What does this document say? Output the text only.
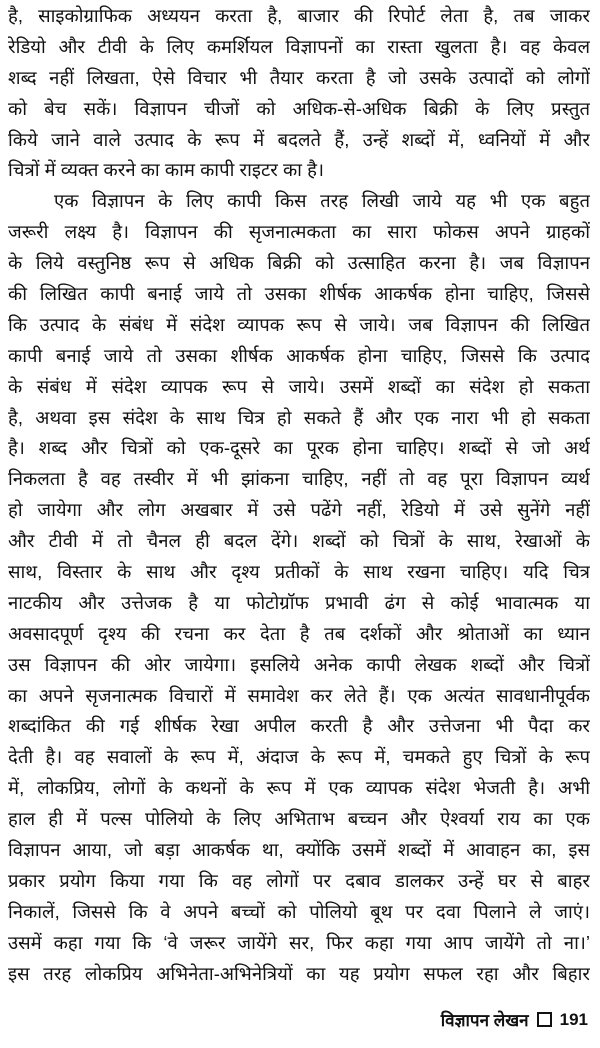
है, साइकोग्राफिक अध्ययन करता है, बाजार की रिपोर्ट लेता है, तब जाकर
रेडियो और टीवी के लिए कमर्शियल विज्ञापनों का रास्ता खुलता है। वह केवल
शब्द नहीं लिखता, ऐसे विचार भी तैयार करता है जो उसके उत्पादों को लोगों
को बेच सकें। विज्ञापन चीजों को अधिक-से-अधिक बिक्री के लिए प्रस्तुत
किये जाने वाले उत्पाद के रूप में बदलते हैं, उन्हें शब्दों में, ध्वनियों में और
चित्रों में व्यक्त करने का काम कापी राइटर का है।
एक विज्ञापन के लिए कापी किस तरह लिखी जाये यह भी एक बहुत
जरूरी लक्ष्य है। विज्ञापन की सृजनात्मकता का सारा फोकस अपने ग्राहकों
के लिये वस्तुनिष्ठ रूप से अधिक बिक्री को उत्साहित करना है। जब विज्ञापन
की लिखित कापी बनाई जाये तो उसका शीर्षक आकर्षक होना चाहिए, जिससे
कि उत्पाद के संबंध में संदेश व्यापक रूप से जाये। जब विज्ञापन की लिखित
कापी बनाई जाये तो उसका शीर्षक आकर्षक होना चाहिए, जिससे कि उत्पाद
के संबंध में संदेश व्यापक रूप से जाये। उसमें शब्दों का संदेश हो सकता
है, अथवा इस संदेश के साथ चित्र हो सकते हैं और एक नारा भी हो सकता
है। शब्द और चित्रों को एक-दूसरे का पूरक होना चाहिए। शब्दों से जो अर्थ
निकलता है वह तस्वीर में भी झांकना चाहिए, नहीं तो वह पूरा विज्ञापन व्यर्थ
हो जायेगा और लोग अखबार में उसे पढेंगे नहीं, रेडियो में उसे सुनेंगे नहीं
और टीवी में तो चैनल ही बदल देंगे। शब्दों को चित्रों के साथ, रेखाओं के
साथ, विस्तार के साथ और दृश्य प्रतीकों के साथ रखना चाहिए। यदि चित्र
नाटकीय और उत्तेजक है या फोटोग्रॉफ प्रभावी ढंग से कोई भावात्मक या
अवसादपूर्ण दृश्य की रचना कर देता है तब दर्शकों और श्रोताओं का ध्यान
उस विज्ञापन की ओर जायेगा। इसलिये अनेक कापी लेखक शब्दों और चित्रों
का अपने सृजनात्मक विचारों में समावेश कर लेते हैं। एक अत्यंत सावधानीपूर्वक
शब्दांकित की गई शीर्षक रेखा अपील करती है और उत्तेजना भी पैदा कर
देती है। वह सवालों के रूप में, अंदाज के रूप में, चमकते हुए चित्रों के रूप
में, लोकप्रिय, लोगों के कथनों के रूप में एक व्यापक संदेश भेजती है। अभी
हाल ही में पल्स पोलियो के लिए अभिताभ बच्चन और ऐश्वर्या राय का एक
विज्ञापन आया, जो बड़ा आकर्षक था, क्योंकि उसमें शब्दों में आवाहन का, इस
प्रकार प्रयोग किया गया कि वह लोगों पर दबाव डालकर उन्हें घर से बाहर
निकालें, जिससे कि वे अपने बच्चों को पोलियो बूथ पर दवा पिलाने ले जाएं।
उसमें कहा गया कि ‘वे जरूर जायेंगे सर, फिर कहा गया आप जायेंगे तो ना।’
इस तरह लोकप्रिय अभिनेता-अभिनेत्रियों का यह प्रयोग सफल रहा और बिहार
विज्ञापन लेखन 191
